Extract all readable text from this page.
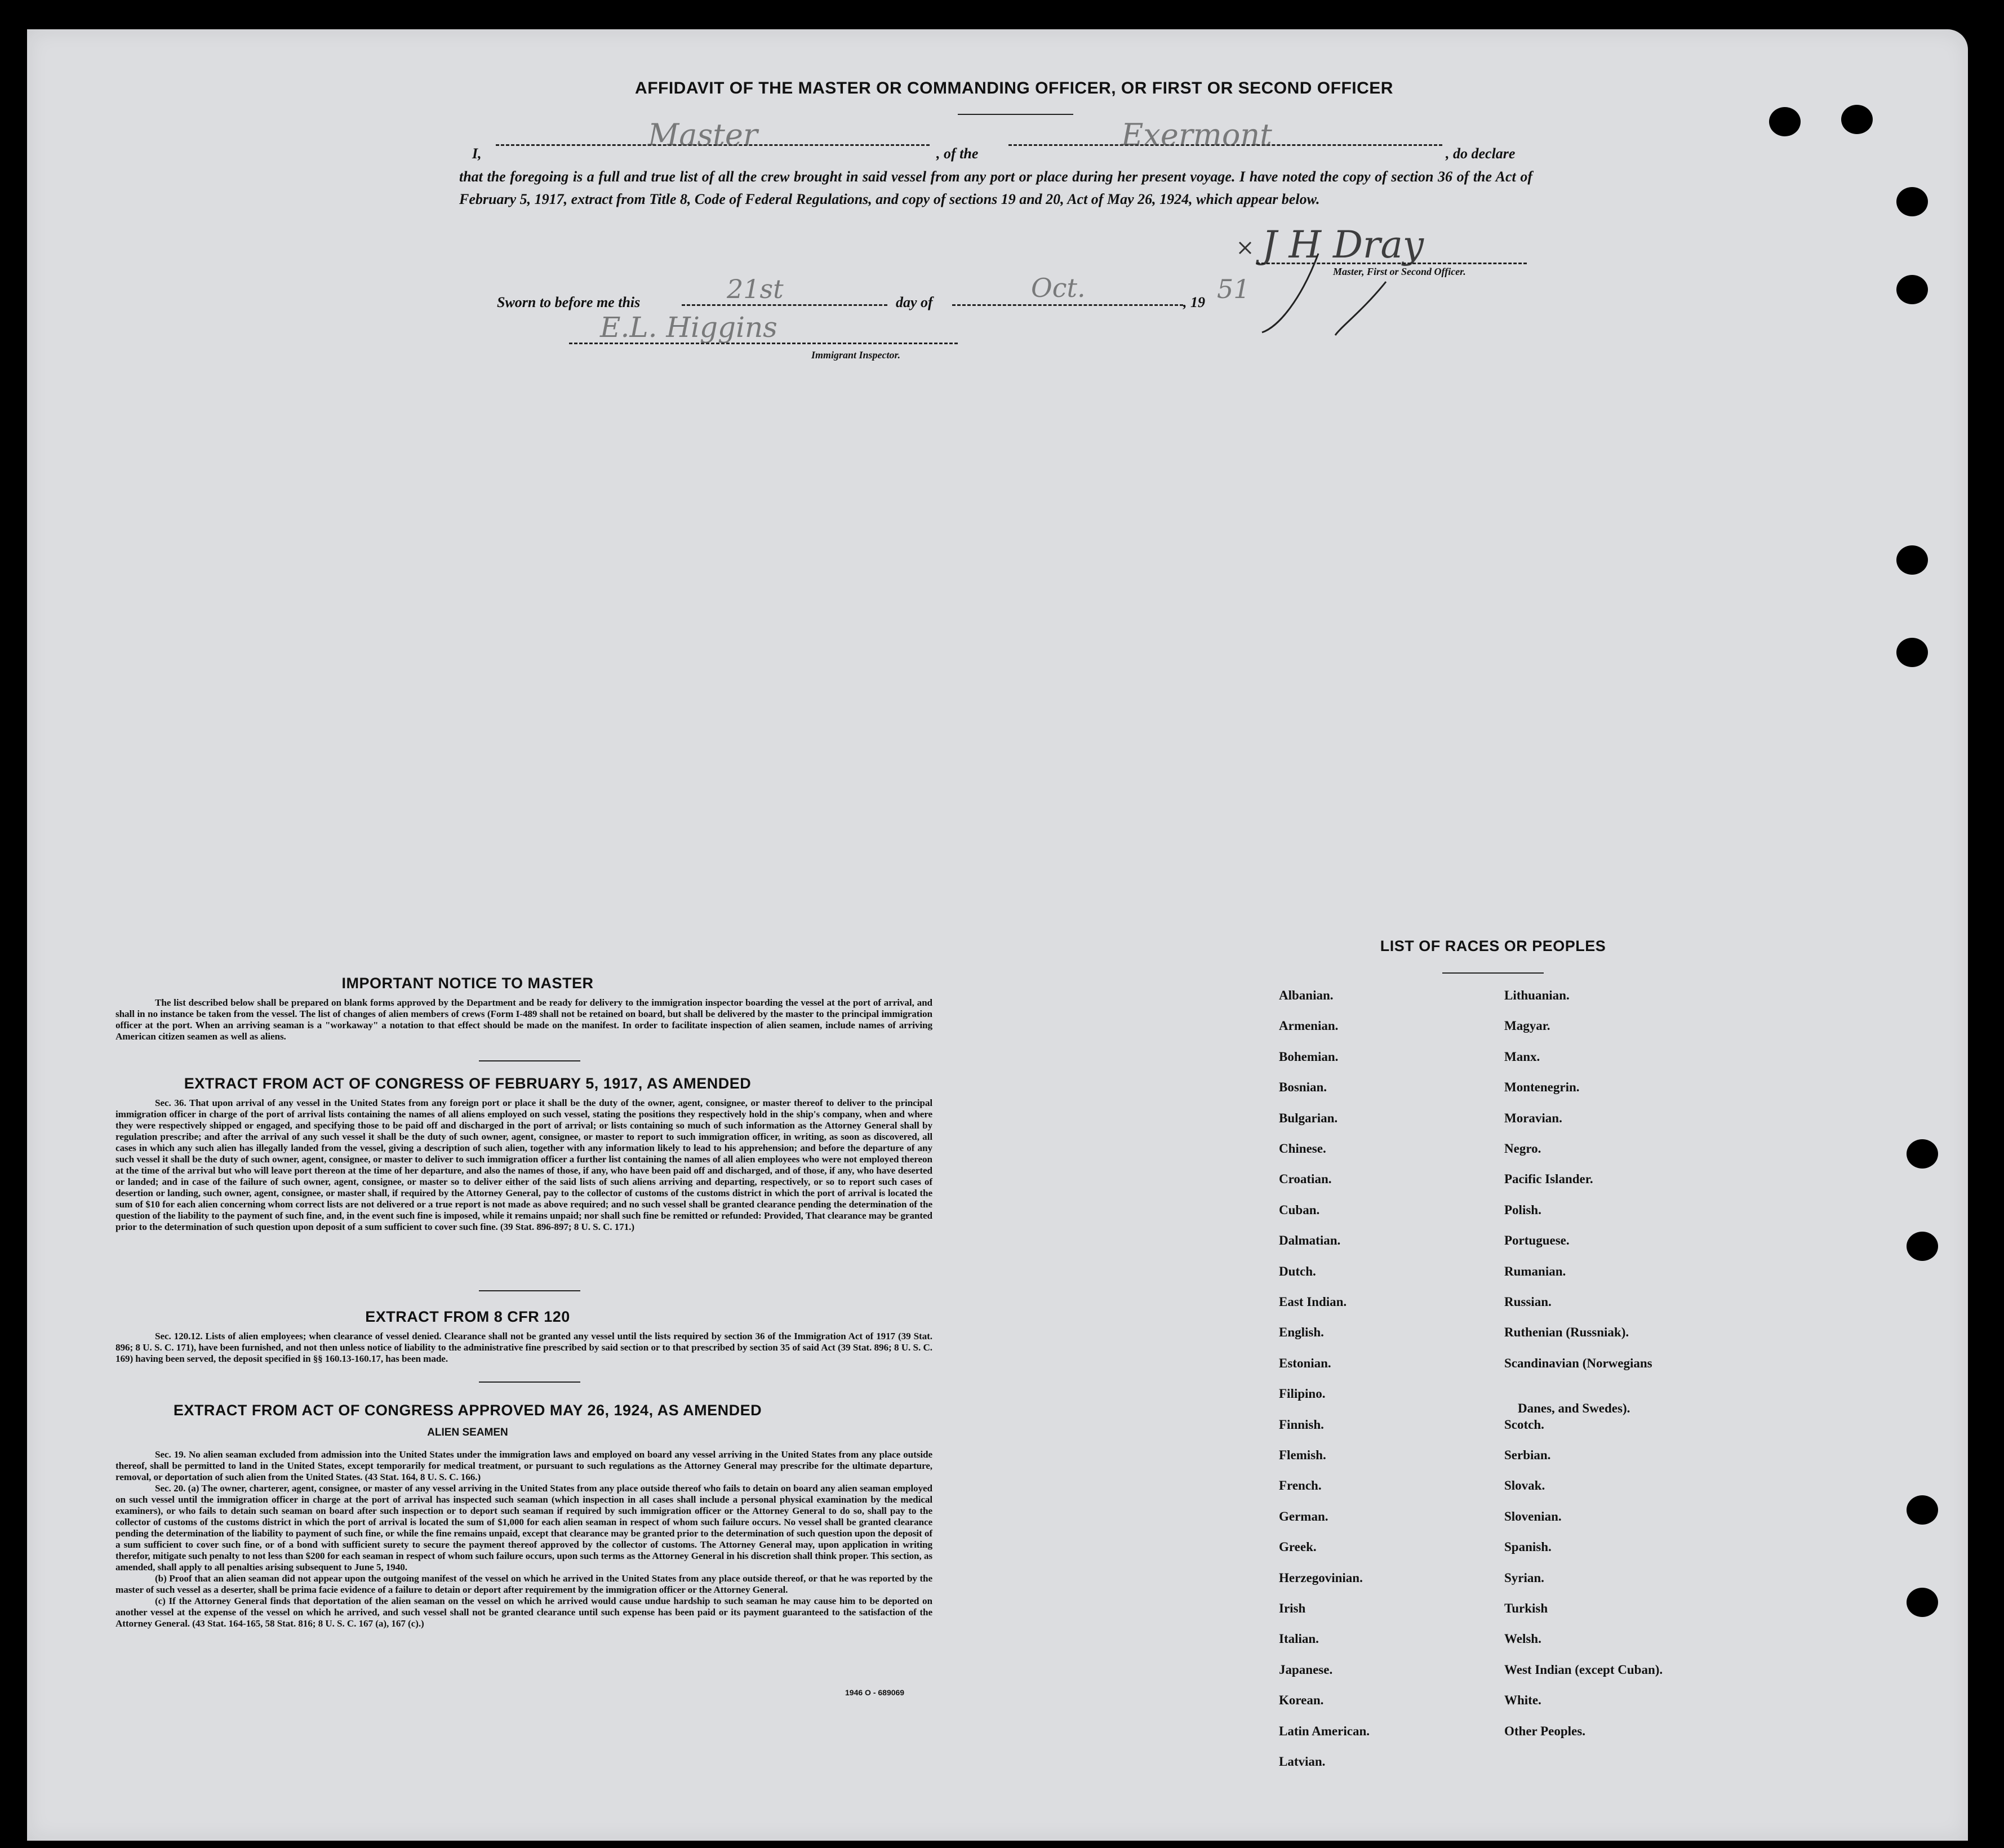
AFFIDAVIT OF THE MASTER OR COMMANDING OFFICER, OR FIRST OR SECOND OFFICER
I,
Master
, of the
Exermont
, do declare
that the foregoing is a full and true list of all the crew brought in said vessel from any port or place during her present voyage. I have noted the copy of section 36 of the Act of February 5, 1917, extract from Title 8, Code of Federal Regulations, and copy of sections 19 and 20, Act of May 26, 1924, which appear below.
J H Dray
Master, First or Second Officer.
Sworn to before me this	21st	day of	Oct.	, 19 51
E.L. Higgins
Immigrant Inspector.
IMPORTANT NOTICE TO MASTER
The list described below shall be prepared on blank forms approved by the Department and be ready for delivery to the immigration inspector boarding the vessel at the port of arrival, and shall in no instance be taken from the vessel. The list of changes of alien members of crews (Form I-489 shall not be retained on board, but shall be delivered by the master to the principal immigration officer at the port. When an arriving seaman is a "workaway" a notation to that effect should be made on the manifest. In order to facilitate inspection of alien seamen, include names of arriving American citizen seamen as well as aliens.
EXTRACT FROM ACT OF CONGRESS OF FEBRUARY 5, 1917, AS AMENDED
Sec. 36. That upon arrival of any vessel in the United States from any foreign port or place it shall be the duty of the owner, agent, consignee, or master thereof to deliver to the principal immigration officer in charge of the port of arrival lists containing the names of all aliens employed on such vessel, stating the positions they respectively hold in the ship's company, when and where they were respectively shipped or engaged, and specifying those to be paid off and discharged in the port of arrival; or lists containing so much of such information as the Attorney General shall by regulation prescribe; and after the arrival of any such vessel it shall be the duty of such owner, agent, consignee, or master to report to such immigration officer, in writing, as soon as discovered, all cases in which any such alien has illegally landed from the vessel, giving a description of such alien, together with any information likely to lead to his apprehension; and before the departure of any such vessel it shall be the duty of such owner, agent, consignee, or master to deliver to such immigration officer a further list containing the names of all alien employees who were not employed thereon at the time of the arrival but who will leave port thereon at the time of her departure, and also the names of those, if any, who have been paid off and discharged, and of those, if any, who have deserted or landed; and in case of the failure of such owner, agent, consignee, or master so to deliver either of the said lists of such aliens arriving and departing, respectively, or so to report such cases of desertion or landing, such owner, agent, consignee, or master shall, if required by the Attorney General, pay to the collector of customs of the customs district in which the port of arrival is located the sum of $10 for each alien concerning whom correct lists are not delivered or a true report is not made as above required; and no such vessel shall be granted clearance pending the determination of the question of the liability to the payment of such fine, and, in the event such fine is imposed, while it remains unpaid; nor shall such fine be remitted or refunded: Provided, That clearance may be granted prior to the determination of such question upon deposit of a sum sufficient to cover such fine. (39 Stat. 896-897; 8 U. S. C. 171.)
EXTRACT FROM 8 CFR 120
Sec. 120.12. Lists of alien employees; when clearance of vessel denied. Clearance shall not be granted any vessel until the lists required by section 36 of the Immigration Act of 1917 (39 Stat. 896; 8 U. S. C. 171), have been furnished, and not then unless notice of liability to the administrative fine prescribed by said section or to that prescribed by section 35 of said Act (39 Stat. 896; 8 U. S. C. 169) having been served, the deposit specified in §§ 160.13-160.17, has been made.
EXTRACT FROM ACT OF CONGRESS APPROVED MAY 26, 1924, AS AMENDED
ALIEN SEAMEN
Sec. 19. No alien seaman excluded from admission into the United States under the immigration laws and employed on board any vessel arriving in the United States from any place outside thereof, shall be permitted to land in the United States, except temporarily for medical treatment, or pursuant to such regulations as the Attorney General may prescribe for the ultimate departure, removal, or deportation of such alien from the United States. (43 Stat. 164, 8 U. S. C. 166.)
Sec. 20. (a) The owner, charterer, agent, consignee, or master of any vessel arriving in the United States from any place outside thereof who fails to detain on board any alien seaman employed on such vessel until the immigration officer in charge at the port of arrival has inspected such seaman (which inspection in all cases shall include a personal physical examination by the medical examiners), or who fails to detain such seaman on board after such inspection or to deport such seaman if required by such immigration officer or the Attorney General to do so, shall pay to the collector of customs of the customs district in which the port of arrival is located the sum of $1,000 for each alien seaman in respect of whom such failure occurs. No vessel shall be granted clearance pending the determination of the liability to payment of such fine, or while the fine remains unpaid, except that clearance may be granted prior to the determination of such question upon the deposit of a sum sufficient to cover such fine, or of a bond with sufficient surety to secure the payment thereof approved by the collector of customs. The Attorney General may, upon application in writing therefor, mitigate such penalty to not less than $200 for each seaman in respect of whom such failure occurs, upon such terms as the Attorney General in his discretion shall think proper. This section, as amended, shall apply to all penalties arising subsequent to June 5, 1940.
(b) Proof that an alien seaman did not appear upon the outgoing manifest of the vessel on which he arrived in the United States from any place outside thereof, or that he was reported by the master of such vessel as a deserter, shall be prima facie evidence of a failure to detain or deport after requirement by the immigration officer or the Attorney General.
(c) If the Attorney General finds that deportation of the alien seaman on the vessel on which he arrived would cause undue hardship to such seaman he may cause him to be deported on another vessel at the expense of the vessel on which he arrived, and such vessel shall not be granted clearance until such expense has been paid or its payment guaranteed to the satisfaction of the Attorney General. (43 Stat. 164-165, 58 Stat. 816; 8 U. S. C. 167 (a), 167 (c).)
1946 O - 689069
LIST OF RACES OR PEOPLES
Albanian.
Armenian.
Bohemian.
Bosnian.
Bulgarian.
Chinese.
Croatian.
Cuban.
Dalmatian.
Dutch.
East Indian.
English.
Estonian.
Filipino.
Finnish.
Flemish.
French.
German.
Greek.
Herzegovinian.
Irish
Italian.
Japanese.
Korean.
Latin American.
Latvian.
Lithuanian.
Magyar.
Manx.
Montenegrin.
Moravian.
Negro.
Pacific Islander.
Polish.
Portuguese.
Rumanian.
Russian.
Ruthenian (Russniak).
Scandinavian (Norwegians
Danes, and Swedes).
Scotch.
Serbian.
Slovak.
Slovenian.
Spanish.
Syrian.
Turkish
Welsh.
West Indian (except Cuban).
White.
Other Peoples.
